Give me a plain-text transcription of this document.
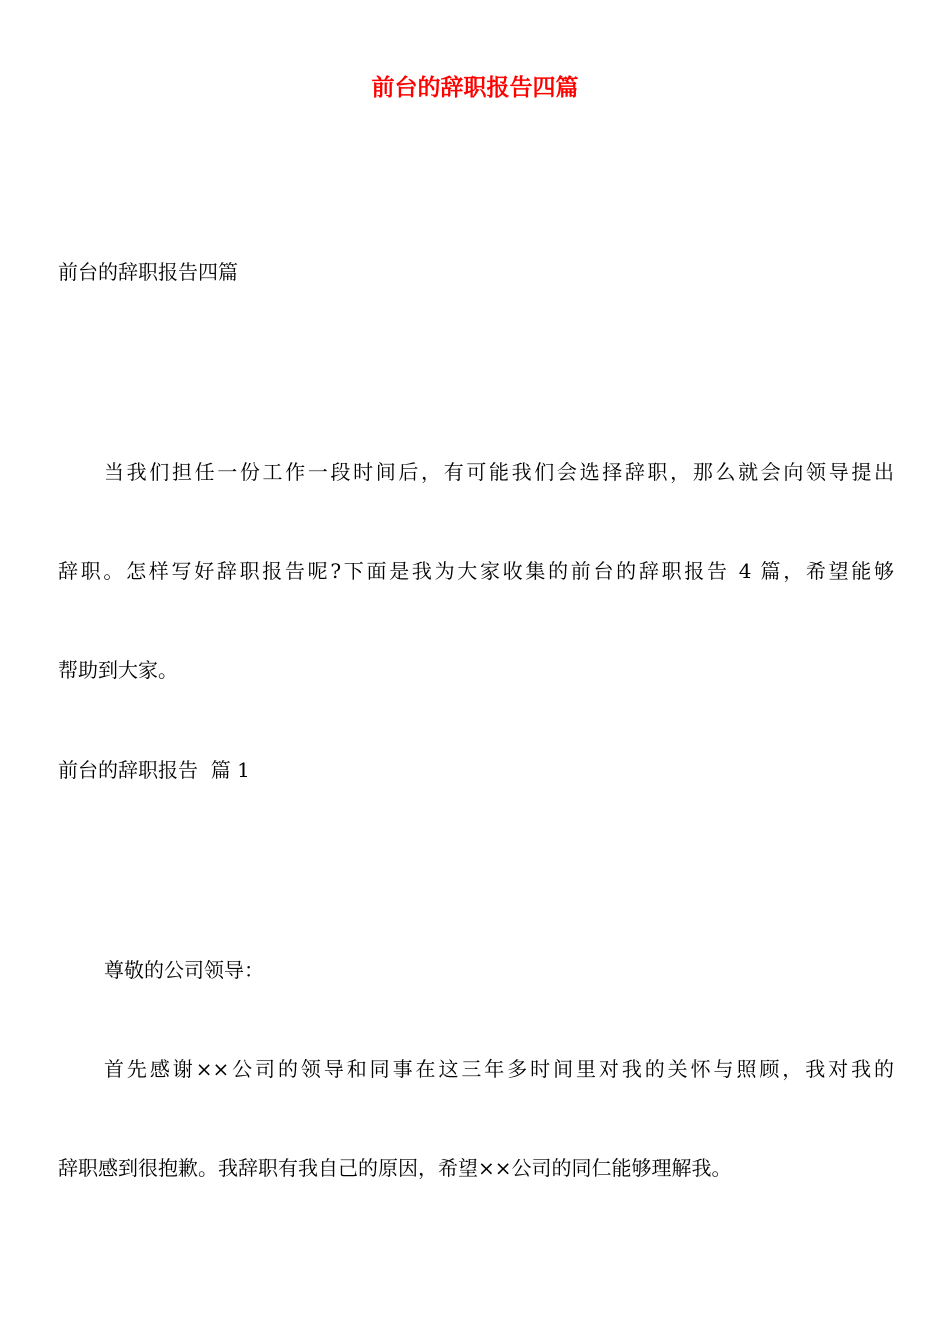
前台的辞职报告四篇

前台的辞职报告四篇

当我们担任一份工作一段时间后，有可能我们会选择辞职，那么就会向领导提出

辞职。怎样写好辞职报告呢?下面是我为大家收集的前台的辞职报告 4 篇，希望能够

帮助到大家。

前台的辞职报告  篇 1

尊敬的公司领导：

首先感谢××公司的领导和同事在这三年多时间里对我的关怀与照顾，我对我的

辞职感到很抱歉。我辞职有我自己的原因，希望××公司的同仁能够理解我。
